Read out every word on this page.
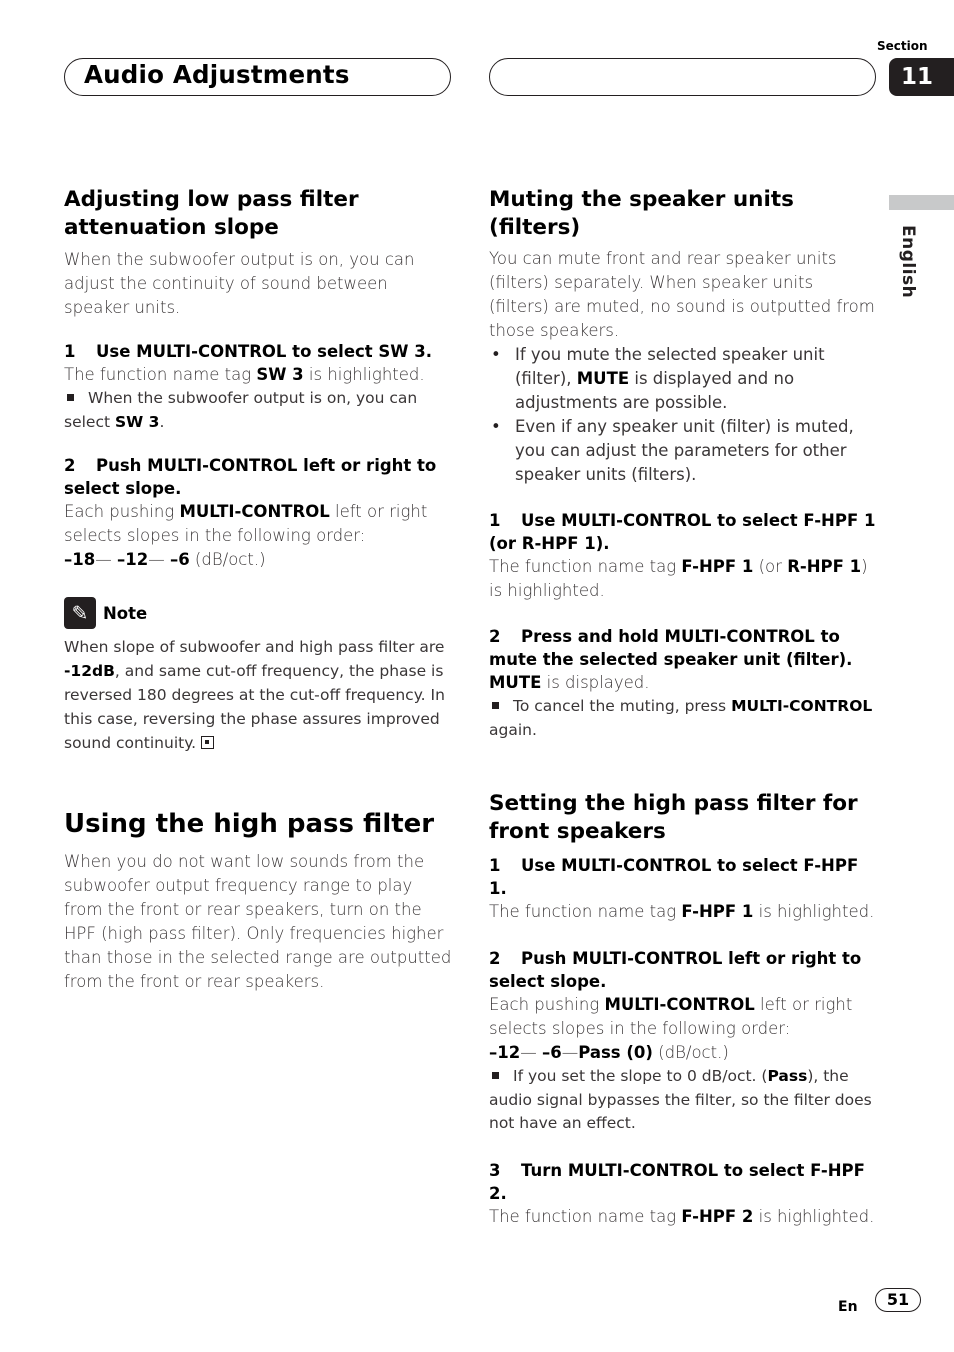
Audio Adjustments
Section
11
English
Adjusting low pass filter attenuation slope

When the subwoofer output is on, you can adjust the continuity of sound between speaker units.

1 Use MULTI-CONTROL to select SW 3.

The function name tag SW 3 is highlighted.

When the subwoofer output is on, you can select SW 3.
2 Push MULTI-CONTROL left or right to select slope.

Each pushing MULTI-CONTROL left or right selects slopes in the following order:

–18— –12— –6 (dB/oct.)

✎ Note
When slope of subwoofer and high pass filter are -12dB, and same cut-off frequency, the phase is reversed 180 degrees at the cut-off frequency. In this case, reversing the phase assures improved sound continuity.
Using the high pass filter

When you do not want low sounds from the subwoofer output frequency range to play from the front or rear speakers, turn on the HPF (high pass filter). Only frequencies higher than those in the selected range are outputted from the front or rear speakers.

Muting the speaker units (filters)

You can mute front and rear speaker units (filters) separately. When speaker units (filters) are muted, no sound is outputted from those speakers.

• If you mute the selected speaker unit (filter), MUTE is displayed and no adjustments are possible.
• Even if any speaker unit (filter) is muted, you can adjust the parameters for other speaker units (filters).
1 Use MULTI-CONTROL to select F-HPF 1 (or R-HPF 1).

The function name tag F-HPF 1 (or R-HPF 1) is highlighted.

2 Press and hold MULTI-CONTROL to mute the selected speaker unit (filter).

MUTE is displayed.

To cancel the muting, press MULTI-CONTROL again.
Setting the high pass filter for front speakers
1 Use MULTI-CONTROL to select F-HPF 1.

The function name tag F-HPF 1 is highlighted.

2 Push MULTI-CONTROL left or right to select slope.

Each pushing MULTI-CONTROL left or right selects slopes in the following order:

–12— –6—Pass (0) (dB/oct.)

If you set the slope to 0 dB/oct. (Pass), the audio signal bypasses the filter, so the filter does not have an effect.
3 Turn MULTI-CONTROL to select F-HPF 2.

The function name tag F-HPF 2 is highlighted.

En	51
